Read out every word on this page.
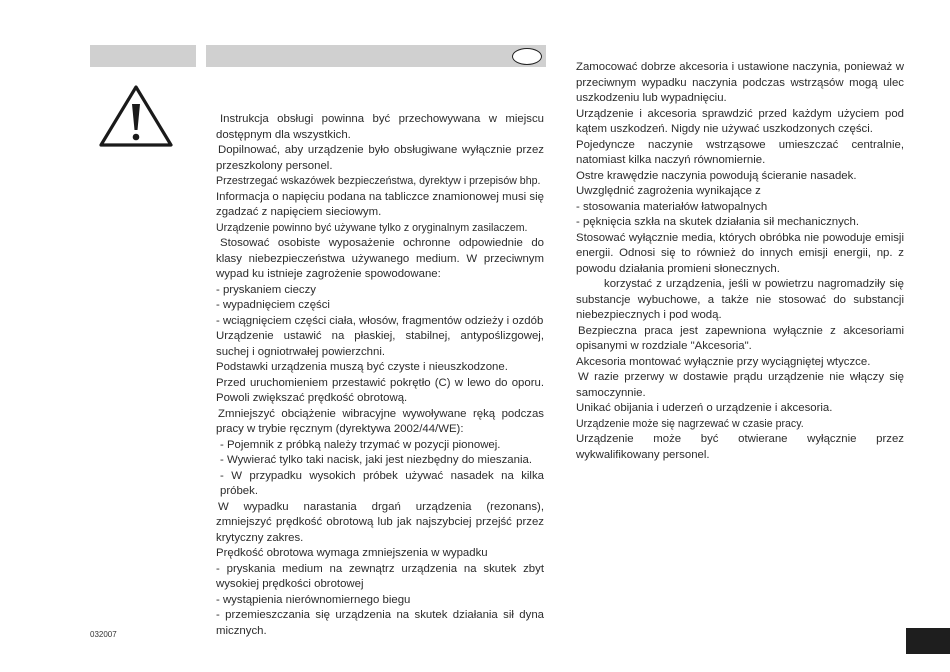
Instrukcja obsługi powinna być przechowywana w miejscu dostępnym dla wszystkich.

Dopilnować, aby urządzenie było obsługiwane wyłącznie przez przeszkolony personel.

Przestrzegać wskazówek bezpieczeństwa, dyrektyw i przepisów bhp.

Informacja o napięciu podana na tabliczce znamionowej musi się zgadzać z napięciem sieciowym.

Urządzenie powinno być używane tylko z oryginalnym zasilaczem.

Stosować osobiste wyposażenie ochronne odpowiednie do klasy niebezpieczeństwa używanego medium. W przeciwnym wypad ku istnieje zagrożenie spowodowane:

- pryskaniem cieczy

- wypadnięciem części

- wciągnięciem części ciała, włosów, fragmentów odzieży i ozdób

Urządzenie ustawić na płaskiej, stabilnej, antypoślizgowej, suchej i ogniotrwałej powierzchni.

Podstawki urządzenia muszą być czyste i nieuszkodzone.

Przed uruchomieniem przestawić pokrętło (C) w lewo do oporu. Powoli zwiększać prędkość obrotową.

Zmniejszyć obciążenie wibracyjne wywoływane ręką podczas pracy w trybie ręcznym (dyrektywa 2002/44/WE):

- Pojemnik z próbką należy trzymać w pozycji pionowej.

- Wywierać tylko taki nacisk, jaki jest niezbędny do mieszania.

- W przypadku wysokich próbek używać nasadek na kilka próbek.

W wypadku narastania drgań urządzenia (rezonans), zmniejszyć prędkość obrotową lub jak najszybciej przejść przez krytyczny zakres.

Prędkość obrotowa wymaga zmniejszenia w wypadku

- pryskania medium na zewnątrz urządzenia na skutek zbyt wysokiej prędkości obrotowej

- wystąpienia nierównomiernego biegu

- przemieszczania się urządzenia na skutek działania sił dyna micznych.

Zamocować dobrze akcesoria i ustawione naczynia, ponieważ w przeciwnym wypadku naczynia podczas wstrząsów mogą ulec uszkodzeniu lub wypadnięciu.

Urządzenie i akcesoria sprawdzić przed każdym użyciem pod kątem uszkodzeń. Nigdy nie używać uszkodzonych części.

Pojedyncze naczynie wstrząsowe umieszczać centralnie, natomiast kilka naczyń równomiernie.

Ostre krawędzie naczynia powodują ścieranie nasadek.

Uwzględnić zagrożenia wynikające z

- stosowania materiałów łatwopalnych

- pęknięcia szkła na skutek działania sił mechanicznych.

Stosować wyłącznie media, których obróbka nie powoduje emisji energii. Odnosi się to również do innych emisji energii, np. z powodu działania promieni słonecznych.

korzystać z urządzenia, jeśli w powietrzu nagromadziły się substancje wybuchowe, a także nie stosować do substancji niebezpiecznych i pod wodą.

Bezpieczna praca jest zapewniona wyłącznie z akcesoriami opisanymi w rozdziale "Akcesoria".

Akcesoria montować wyłącznie przy wyciągniętej wtyczce.

W razie przerwy w dostawie prądu urządzenie nie włączy się samoczynnie.

Unikać obijania i uderzeń o urządzenie i akcesoria.

Urządzenie może się nagrzewać w czasie pracy.

Urządzenie może być otwierane wyłącznie przez wykwalifikowany personel.

032007
